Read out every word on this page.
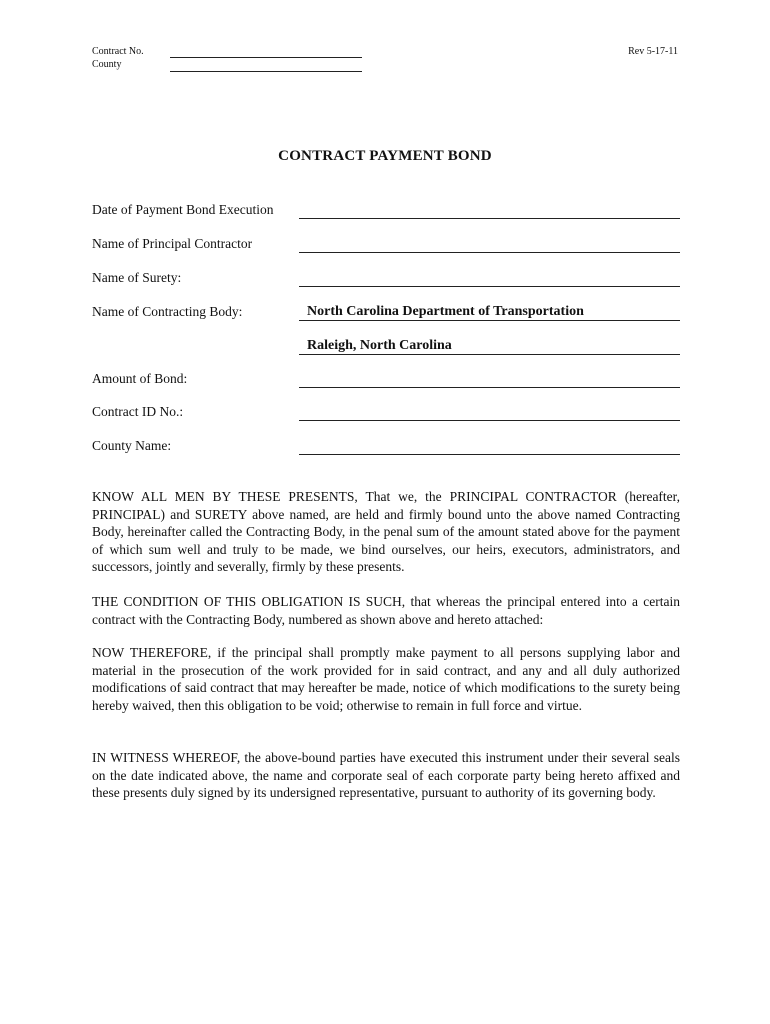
Contract No.
County
Rev 5-17-11
CONTRACT PAYMENT BOND
Date of Payment Bond Execution
Name of Principal Contractor
Name of Surety:
Name of Contracting Body:	North Carolina Department of Transportation
Raleigh, North Carolina
Amount of Bond:
Contract ID No.:
County Name:

KNOW ALL MEN BY THESE PRESENTS, That we, the PRINCIPAL CONTRACTOR (hereafter, PRINCIPAL) and SURETY above named, are held and firmly bound unto the above named Contracting Body, hereinafter called the Contracting Body, in the penal sum of the amount stated above for the payment of which sum well and truly to be made, we bind ourselves, our heirs, executors, administrators, and successors, jointly and severally, firmly by these presents.

THE CONDITION OF THIS OBLIGATION IS SUCH, that whereas the principal entered into a certain contract with the Contracting Body, numbered as shown above and hereto attached:

NOW THEREFORE, if the principal shall promptly make payment to all persons supplying labor and material in the prosecution of the work provided for in said contract, and any and all duly authorized modifications of said contract that may hereafter be made, notice of which modifications to the surety being hereby waived, then this obligation to be void; otherwise to remain in full force and virtue.

IN WITNESS WHEREOF, the above-bound parties have executed this instrument under their several seals on the date indicated above, the name and corporate seal of each corporate party being hereto affixed and these presents duly signed by its undersigned representative, pursuant to authority of its governing body.
